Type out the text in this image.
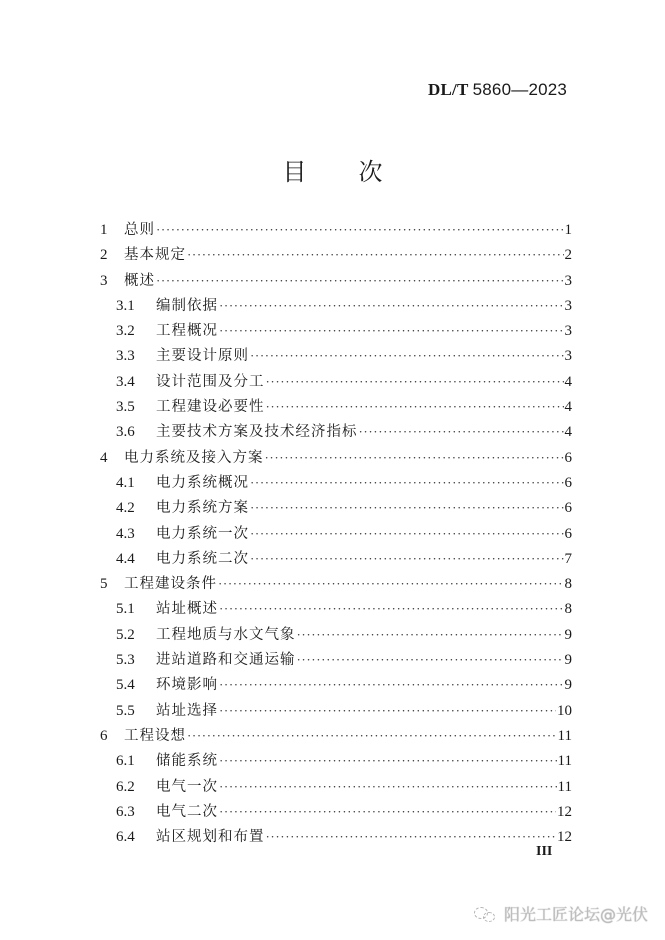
DL/T 5860—2023
目 次
1	总则 ·····	1
2	基本规定 ·····	2
3	概述 ·····	3
3.1	编制依据 ·····	3
3.2	工程概况 ·····	3
3.3	主要设计原则 ·····	3
3.4	设计范围及分工 ·····	4
3.5	工程建设必要性 ·····	4
3.6	主要技术方案及技术经济指标 ·····	4
4	电力系统及接入方案 ·····	6
4.1	电力系统概况 ·····	6
4.2	电力系统方案 ·····	6
4.3	电力系统一次 ·····	6
4.4	电力系统二次 ·····	7
5	工程建设条件 ·····	8
5.1	站址概述 ·····	8
5.2	工程地质与水文气象 ·····	9
5.3	进站道路和交通运输 ·····	9
5.4	环境影响 ·····	9
5.5	站址选择 ·····	10
6	工程设想 ·····	11
6.1	储能系统 ·····	11
6.2	电气一次 ·····	11
6.3	电气二次 ·····	12
6.4	站区规划和布置 ·····	12
III
阳光工匠论坛@光伏
